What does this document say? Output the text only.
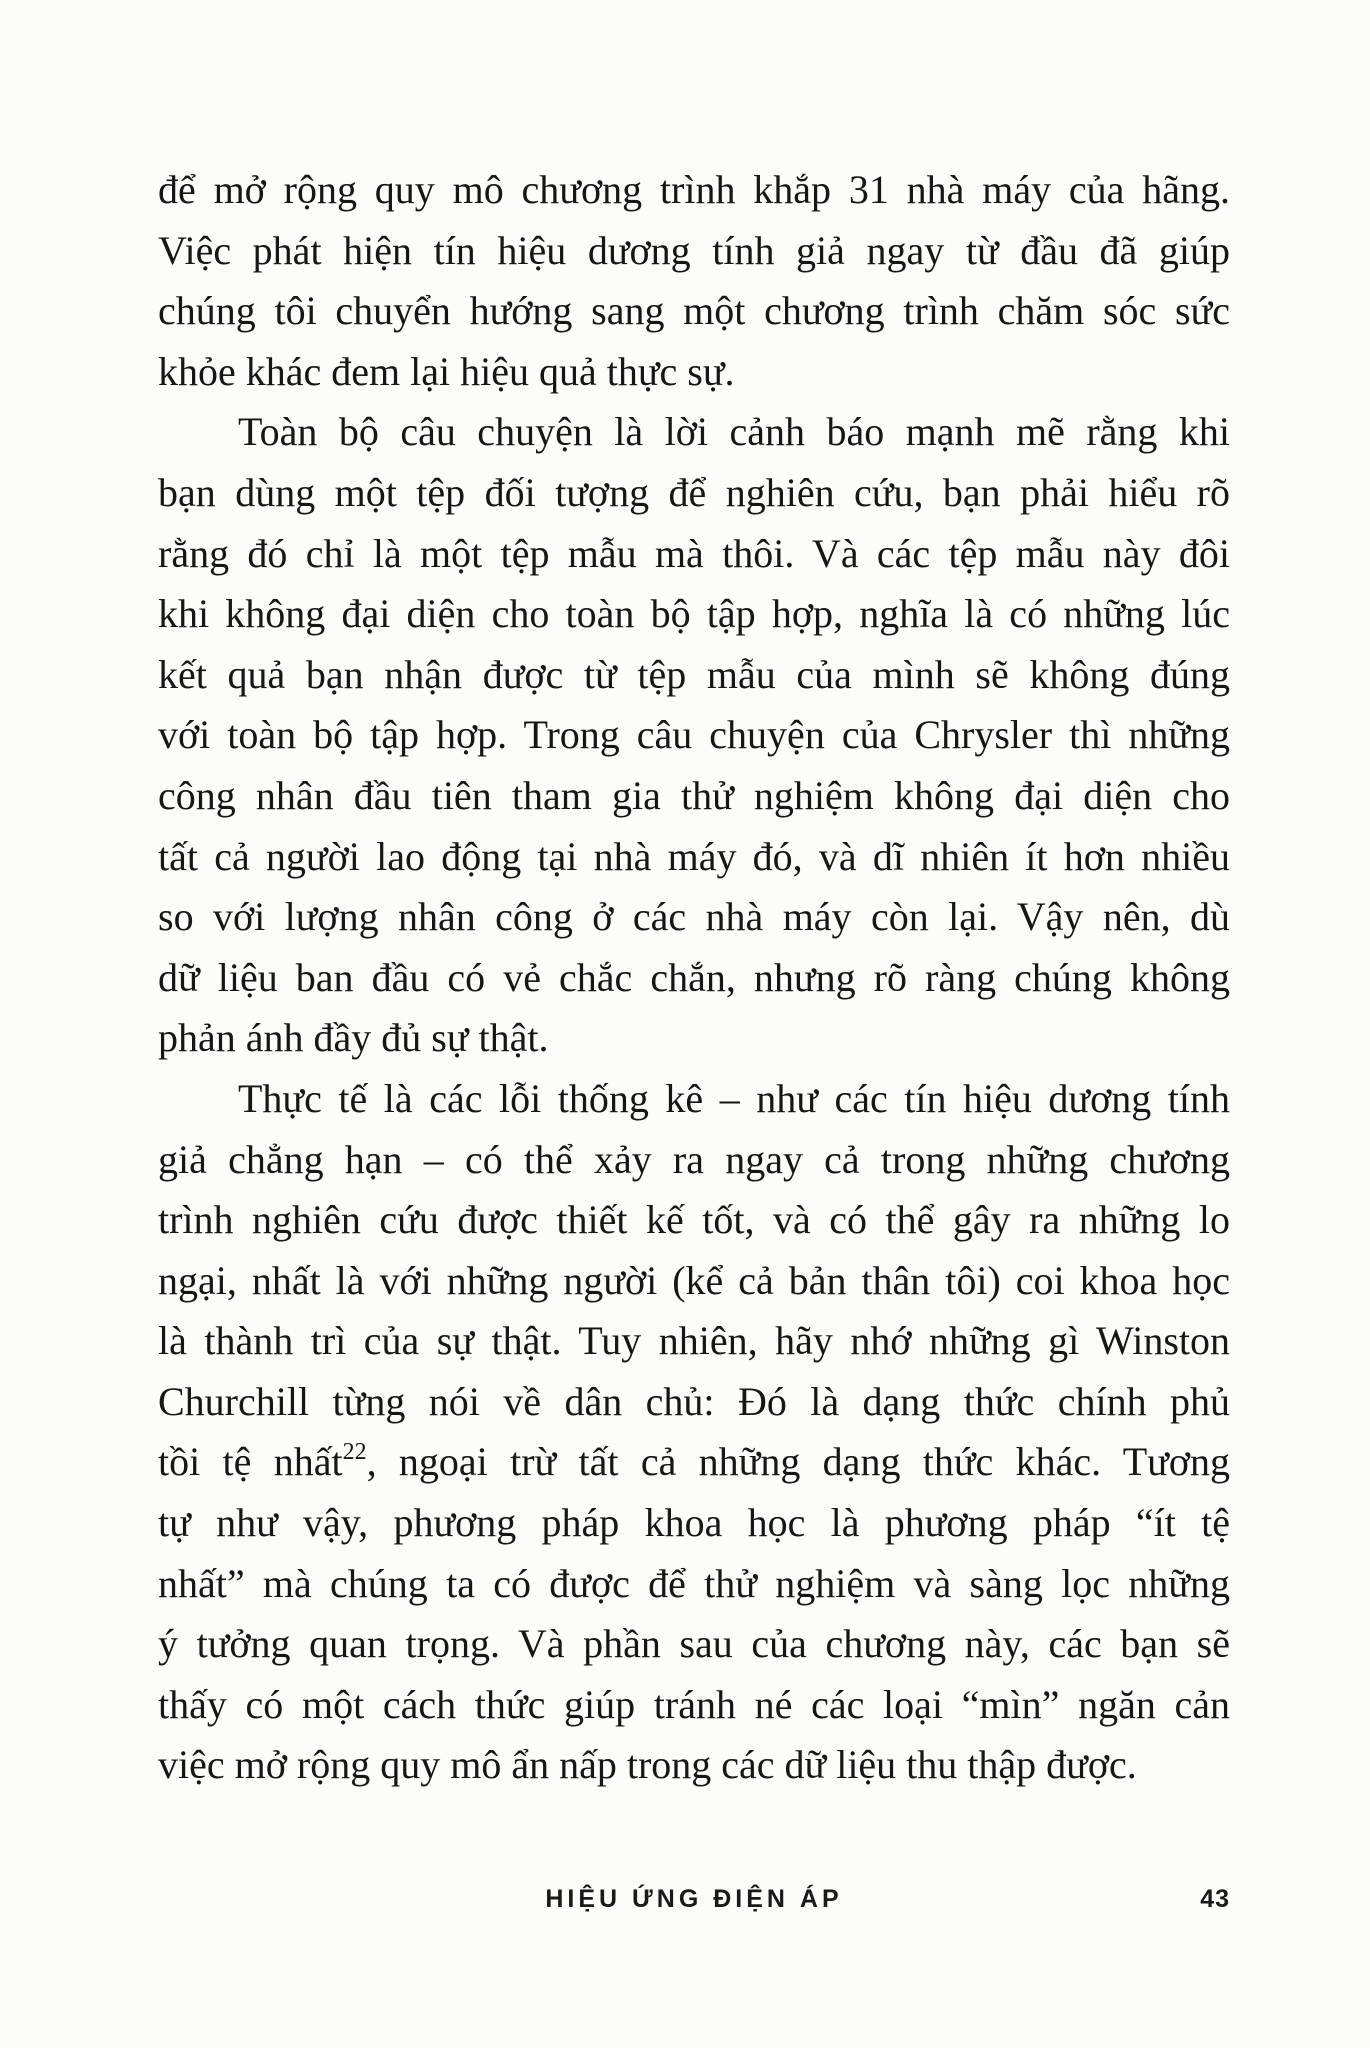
để mở rộng quy mô chương trình khắp 31 nhà máy của hãng.
Việc phát hiện tín hiệu dương tính giả ngay từ đầu đã giúp
chúng tôi chuyển hướng sang một chương trình chăm sóc sức
khỏe khác đem lại hiệu quả thực sự.

Toàn bộ câu chuyện là lời cảnh báo mạnh mẽ rằng khi
bạn dùng một tệp đối tượng để nghiên cứu, bạn phải hiểu rõ
rằng đó chỉ là một tệp mẫu mà thôi. Và các tệp mẫu này đôi
khi không đại diện cho toàn bộ tập hợp, nghĩa là có những lúc
kết quả bạn nhận được từ tệp mẫu của mình sẽ không đúng
với toàn bộ tập hợp. Trong câu chuyện của Chrysler thì những
công nhân đầu tiên tham gia thử nghiệm không đại diện cho
tất cả người lao động tại nhà máy đó, và dĩ nhiên ít hơn nhiều
so với lượng nhân công ở các nhà máy còn lại. Vậy nên, dù
dữ liệu ban đầu có vẻ chắc chắn, nhưng rõ ràng chúng không
phản ánh đầy đủ sự thật.

Thực tế là các lỗi thống kê – như các tín hiệu dương tính
giả chẳng hạn – có thể xảy ra ngay cả trong những chương
trình nghiên cứu được thiết kế tốt, và có thể gây ra những lo
ngại, nhất là với những người (kể cả bản thân tôi) coi khoa học
là thành trì của sự thật. Tuy nhiên, hãy nhớ những gì Winston
Churchill từng nói về dân chủ: Đó là dạng thức chính phủ
tồi tệ nhất$^{22}$, ngoại trừ tất cả những dạng thức khác. Tương
tự như vậy, phương pháp khoa học là phương pháp “ít tệ
nhất” mà chúng ta có được để thử nghiệm và sàng lọc những
ý tưởng quan trọng. Và phần sau của chương này, các bạn sẽ
thấy có một cách thức giúp tránh né các loại “mìn” ngăn cản
việc mở rộng quy mô ẩn nấp trong các dữ liệu thu thập được.

HIỆU ỨNG ĐIỆN ÁP	43
